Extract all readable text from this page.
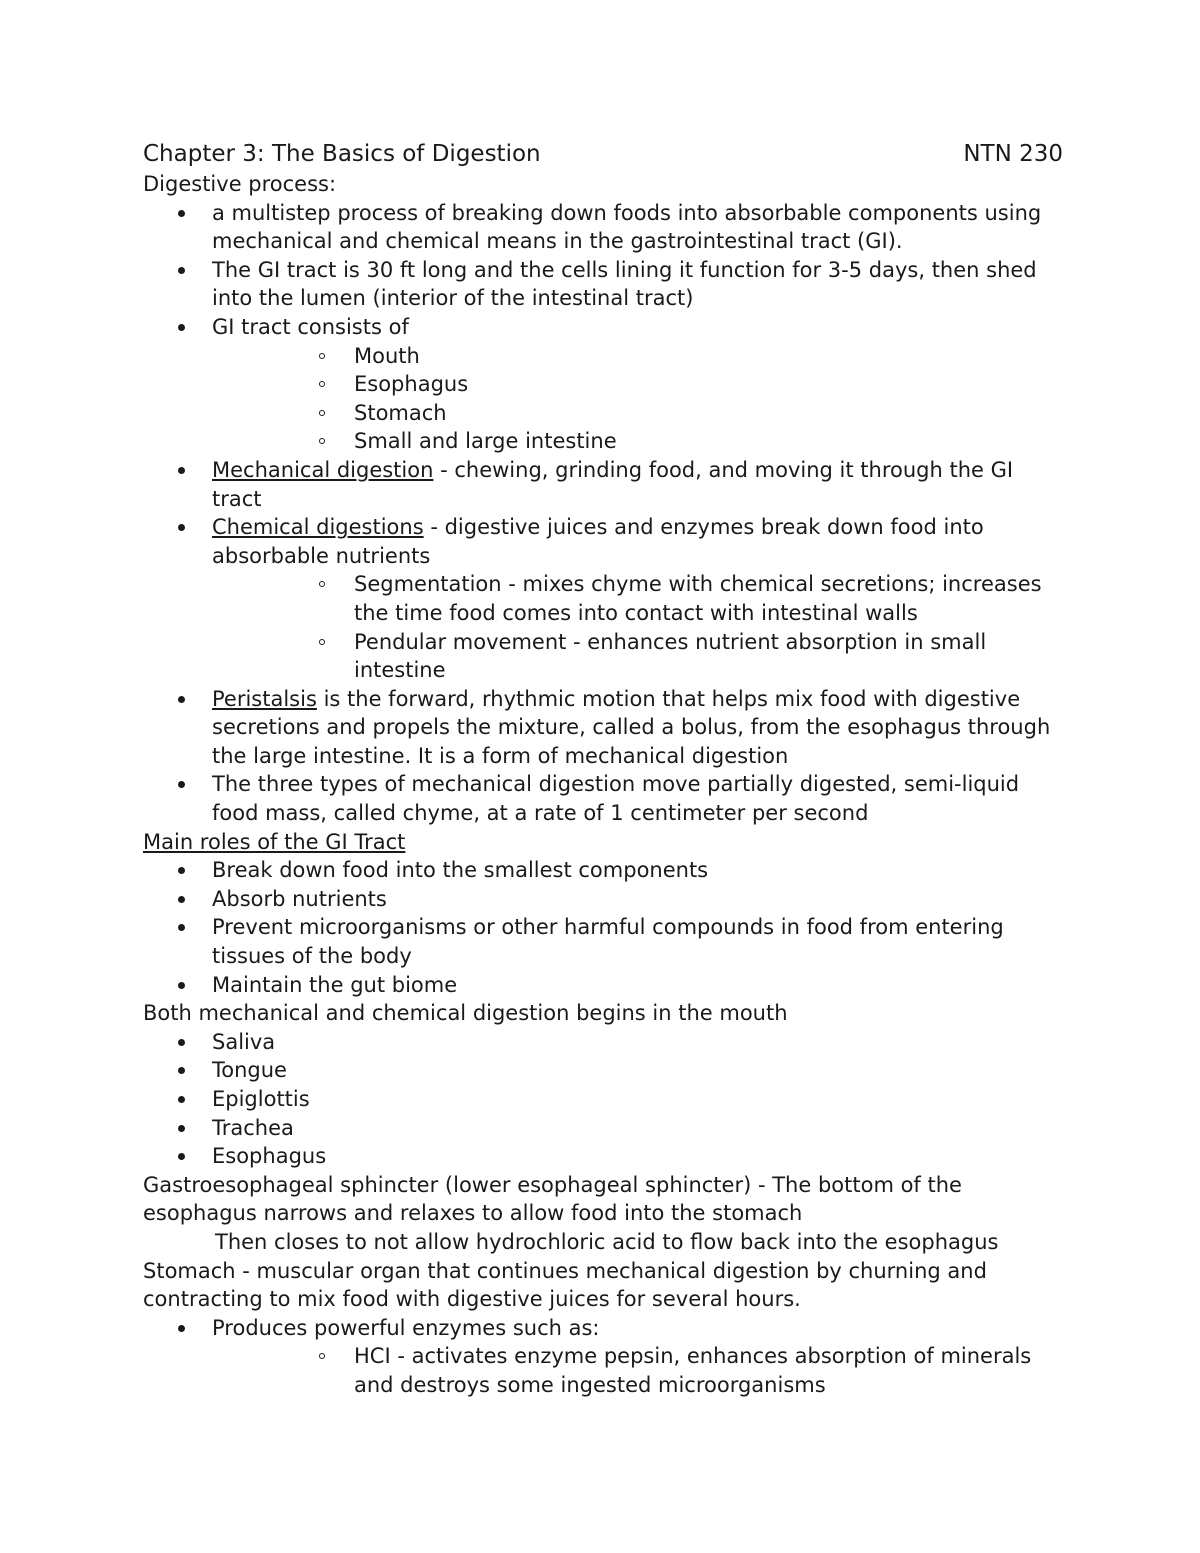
Chapter 3: The Basics of Digestion	NTN 230

Digestive process:

a multistep process of breaking down foods into absorbable components using mechanical and chemical means in the gastrointestinal tract (GI).
The GI tract is 30 ft long and the cells lining it function for 3-5 days, then shed into the lumen (interior of the intestinal tract)
GI tract consists of
Mouth
Esophagus
Stomach
Small and large intestine
Mechanical digestion - chewing, grinding food, and moving it through the GI tract
Chemical digestions - digestive juices and enzymes break down food into absorbable nutrients
Segmentation - mixes chyme with chemical secretions; increases the time food comes into contact with intestinal walls
Pendular movement - enhances nutrient absorption in small intestine
Peristalsis is the forward, rhythmic motion that helps mix food with digestive secretions and propels the mixture, called a bolus, from the esophagus through the large intestine. It is a form of mechanical digestion
The three types of mechanical digestion move partially digested, semi-liquid food mass, called chyme, at a rate of 1 centimeter per second

Main roles of the GI Tract

Break down food into the smallest components
Absorb nutrients
Prevent microorganisms or other harmful compounds in food from entering tissues of the body
Maintain the gut biome

Both mechanical and chemical digestion begins in the mouth

Saliva
Tongue
Epiglottis
Trachea
Esophagus

Gastroesophageal sphincter (lower esophageal sphincter) - The bottom of the esophagus narrows and relaxes to allow food into the stomach

Then closes to not allow hydrochloric acid to flow back into the esophagus

Stomach - muscular organ that continues mechanical digestion by churning and contracting to mix food with digestive juices for several hours.

Produces powerful enzymes such as:
HCI - activates enzyme pepsin, enhances absorption of minerals and destroys some ingested microorganisms
